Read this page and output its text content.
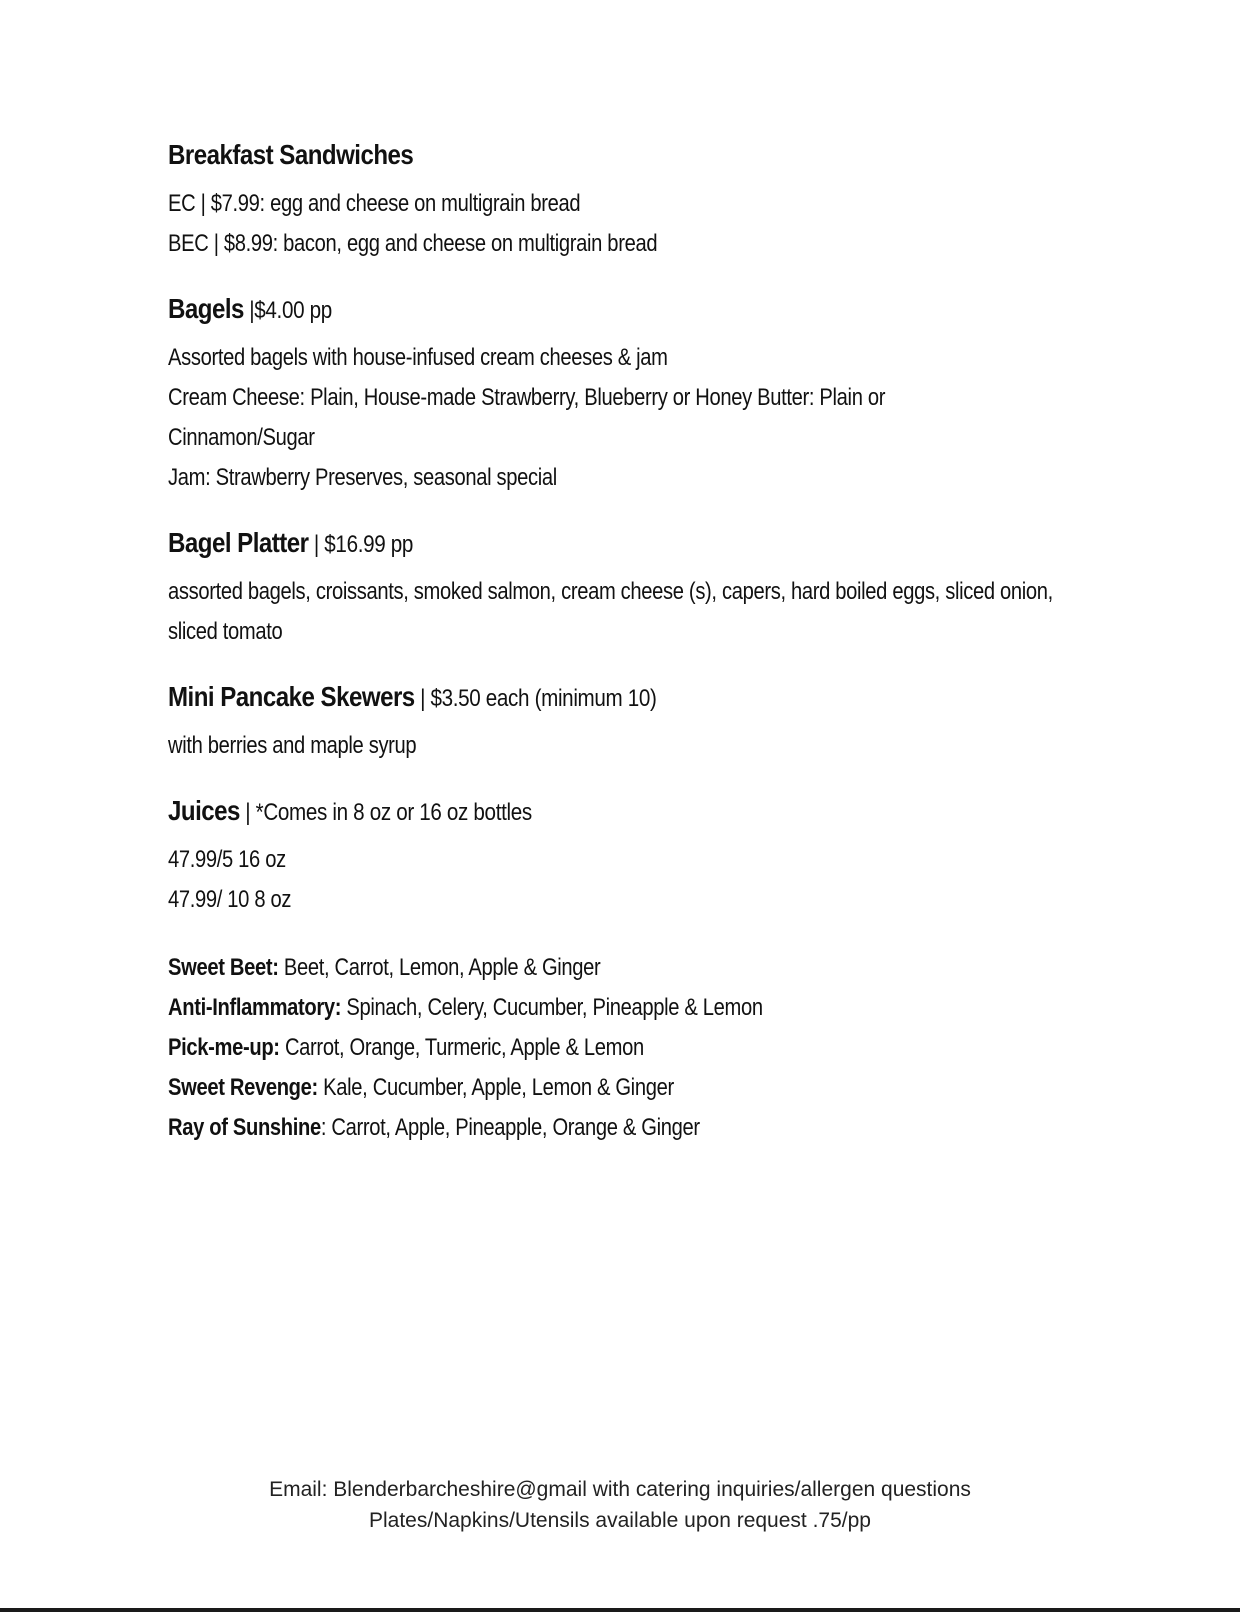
Breakfast Sandwiches
EC | $7.99: egg and cheese on multigrain bread
BEC | $8.99: bacon, egg and cheese on multigrain bread
Bagels |$4.00 pp
Assorted bagels with house-infused cream cheeses & jam
Cream Cheese: Plain, House-made Strawberry, Blueberry or Honey Butter: Plain or
Cinnamon/Sugar
Jam: Strawberry Preserves, seasonal special
Bagel Platter | $16.99 pp
assorted bagels, croissants, smoked salmon, cream cheese (s), capers, hard boiled eggs, sliced onion,
sliced tomato
Mini Pancake Skewers | $3.50 each (minimum 10)
with berries and maple syrup
Juices | *Comes in 8 oz or 16 oz bottles
47.99/5 16 oz
47.99/ 10 8 oz
Sweet Beet: Beet, Carrot, Lemon, Apple & Ginger
Anti-Inflammatory: Spinach, Celery, Cucumber, Pineapple & Lemon
Pick-me-up: Carrot, Orange, Turmeric, Apple & Lemon
Sweet Revenge: Kale, Cucumber, Apple, Lemon & Ginger
Ray of Sunshine: Carrot, Apple, Pineapple, Orange & Ginger
Email: Blenderbarcheshire@gmail with catering inquiries/allergen questions
Plates/Napkins/Utensils available upon request .75/pp
